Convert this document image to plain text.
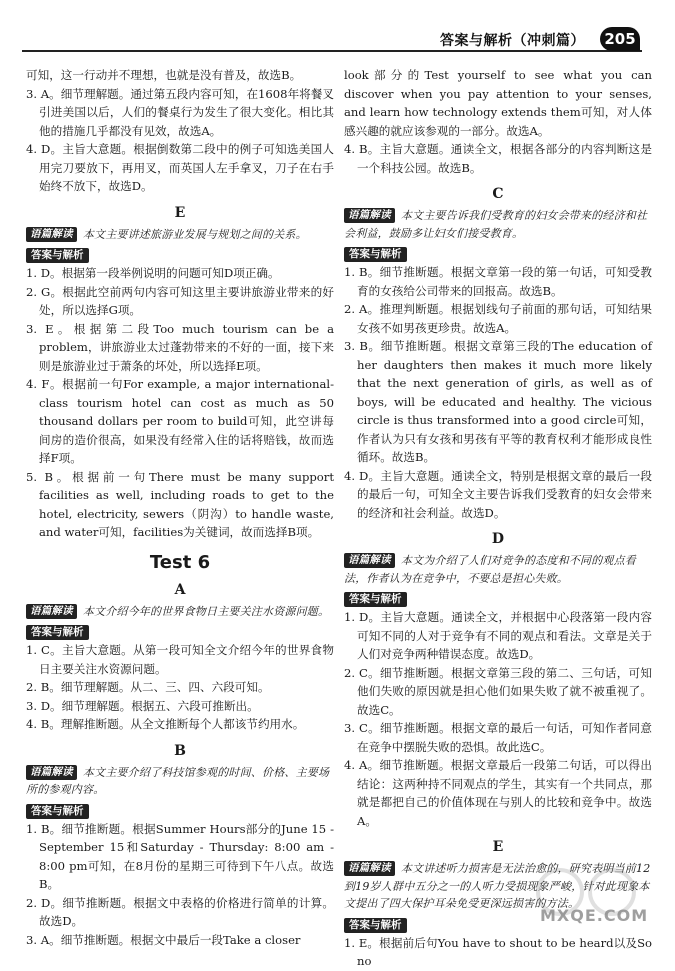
答案与解析（冲刺篇） 205
可知，这一行动并不理想，也就是没有普及，故选B。
3. A。细节理解题。通过第五段内容可知，在1608年将餐叉引进美国以后，人们的餐桌行为发生了很大变化。相比其他的措施几乎都没有见效，故选A。
4. D。主旨大意题。根据倒数第二段中的例子可知选美国人用完刀要放下，再用叉，而英国人左手拿叉，刀子在右手始终不放下，故选D。
E
语篇解读 本文主要讲述旅游业发展与规划之间的关系。
答案与解析
1. D。根据第一段举例说明的问题可知D项正确。
2. G。根据此空前两句内容可知这里主要讲旅游业带来的好处，所以选择G项。
3. E。根据第二段Too much tourism can be a problem，讲旅游业太过蓬勃带来的不好的一面，接下来则是旅游业过于萧条的坏处，所以选择E项。
4. F。根据前一句For example, a major international-class tourism hotel can cost as much as 50 thousand dollars per room to build可知，此空讲每间房的造价很高，如果没有经常入住的话将赔钱，故而选择F项。
5. B。根据前一句There must be many support facilities as well, including roads to get to the hotel, electricity, sewers（阴沟）to handle waste, and water可知，facilities为关键词，故而选择B项。
Test 6
A
语篇解读 本文介绍今年的世界食物日主要关注水资源问题。
答案与解析
1. C。主旨大意题。从第一段可知全文介绍今年的世界食物日主要关注水资源问题。
2. B。细节理解题。从二、三、四、六段可知。
3. D。细节理解题。根据五、六段可推断出。
4. B。理解推断题。从全文推断每个人都该节约用水。
B
语篇解读 本文主要介绍了科技馆参观的时间、价格、主要场所的参观内容。
答案与解析
1. B。细节推断题。根据Summer Hours部分的June 15 - September 15和Saturday - Thursday: 8:00 am - 8:00 pm可知，在8月份的星期三可待到下午八点。故选B。
2. D。细节推断题。根据文中表格的价格进行简单的计算。故选D。
3. A。细节推断题。根据文中最后一段Take a closer
look部分的Test yourself to see what you can discover when you pay attention to your senses, and learn how technology extends them可知，对人体感兴趣的就应该参观的一部分。故选A。
4. B。主旨大意题。通读全文，根据各部分的内容判断这是一个科技公园。故选B。
C
语篇解读 本文主要告诉我们受教育的妇女会带来的经济和社会利益，鼓励多让妇女们接受教育。
答案与解析
1. B。细节推断题。根据文章第一段的第一句话，可知受教育的女孩给公司带来的回报高。故选B。
2. A。推理判断题。根据划线句子前面的那句话，可知结果女孩不如男孩更珍贵。故选A。
3. B。细节推断题。根据文章第三段的The education of her daughters then makes it much more likely that the next generation of girls, as well as of boys, will be educated and healthy. The vicious circle is thus transformed into a good circle可知，作者认为只有女孩和男孩有平等的教育权利才能形成良性循环。故选B。
4. D。主旨大意题。通读全文，特别是根据文章的最后一段的最后一句，可知全文主要告诉我们受教育的妇女会带来的经济和社会利益。故选D。
D
语篇解读 本文为介绍了人们对竞争的态度和不同的观点看法，作者认为在竞争中，不要总是担心失败。
答案与解析
1. D。主旨大意题。通读全文，并根据中心段落第一段内容可知不同的人对于竞争有不同的观点和看法。文章是关于人们对竞争两种错误态度。故选D。
2. C。细节推断题。根据文章第三段的第二、三句话，可知他们失败的原因就是担心他们如果失败了就不被重视了。故选C。
3. C。细节推断题。根据文章的最后一句话，可知作者同意在竞争中摆脱失败的恐惧。故此选C。
4. A。细节推断题。根据文章最后一段第二句话，可以得出结论：这两种持不同观点的学生，其实有一个共同点，那就是都把自己的价值体现在与别人的比较和竞争中。故选A。
E
语篇解读 本文讲述听力损害是无法治愈的，研究表明当前12到19岁人群中五分之一的人听力受损现象严峻，针对此现象本文提出了四大保护耳朵免受更深远损害的方法。
答案与解析
1. E。根据前后句You have to shout to be heard以及So no
MXQE.COM
